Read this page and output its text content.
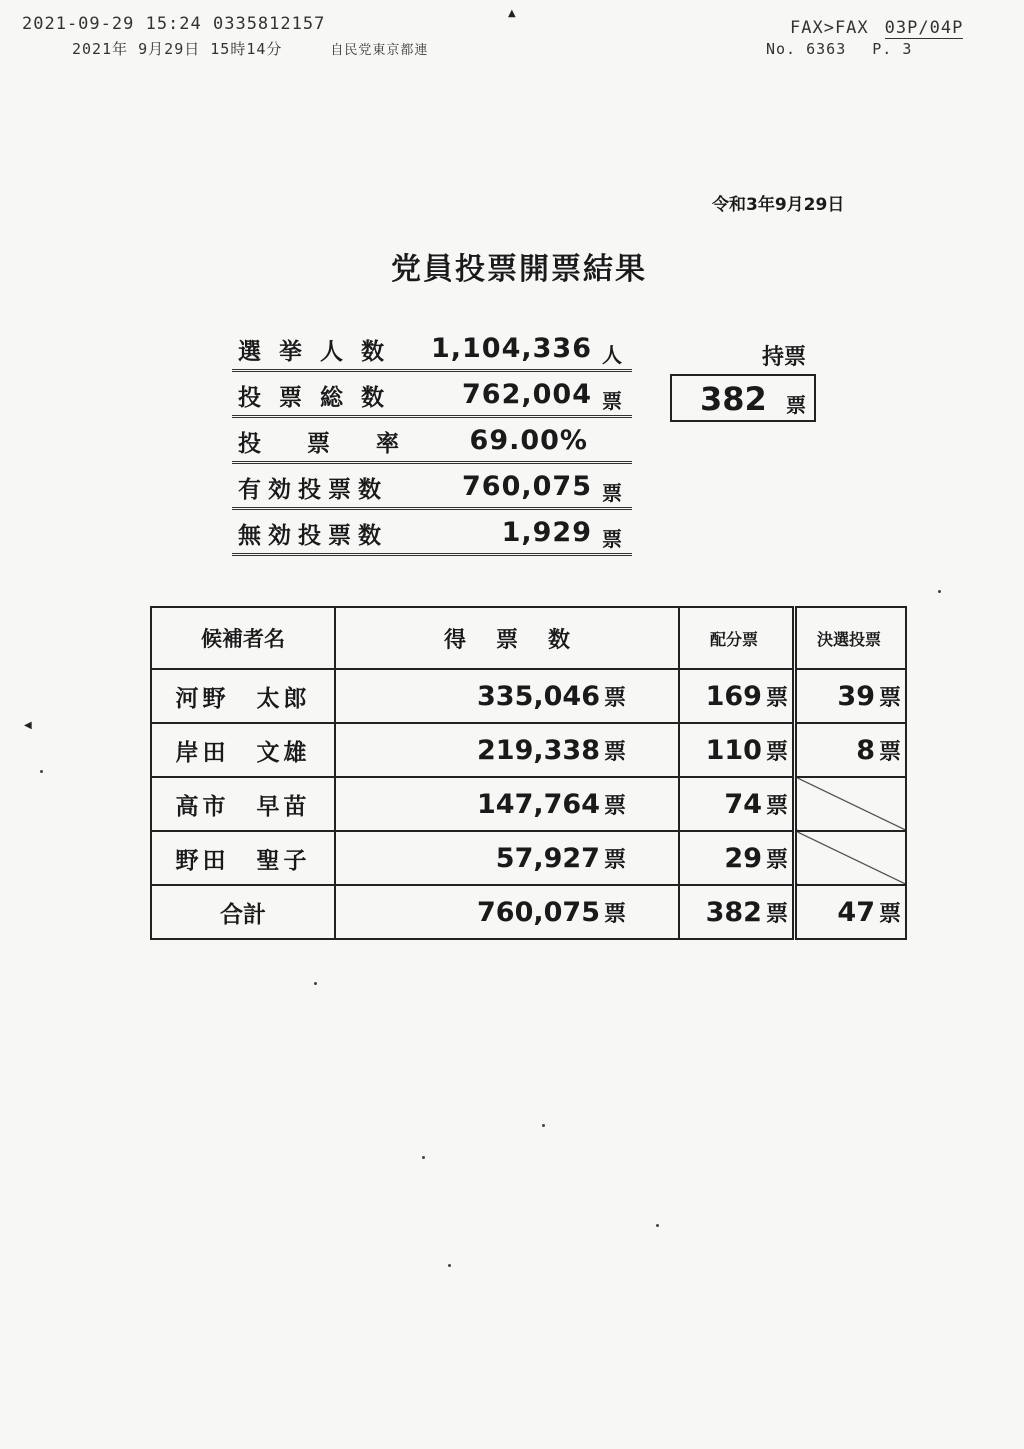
2021-09-29 15:24 0335812157
2021年 9月29日 15時14分	自民党東京都連
FAX>FAX 03P/04P
No. 6363 P. 3
▲
◀
令和3年9月29日
党員投票開票結果
選挙人数 1,104,336 人
投票総数 762,004 票
投票率 69.00%
有効投票数	760,075 票
無効投票数	1,929 票
持票
382 票
候補者名	得票数	配分票	決選投票
河野　太郎	335,046 票	169 票	39 票
岸田　文雄	219,338 票	110 票	8 票
高市　早苗	147,764 票	74 票	
野田　聖子	57,927 票	29 票	
合計	760,075 票	382 票	47 票
